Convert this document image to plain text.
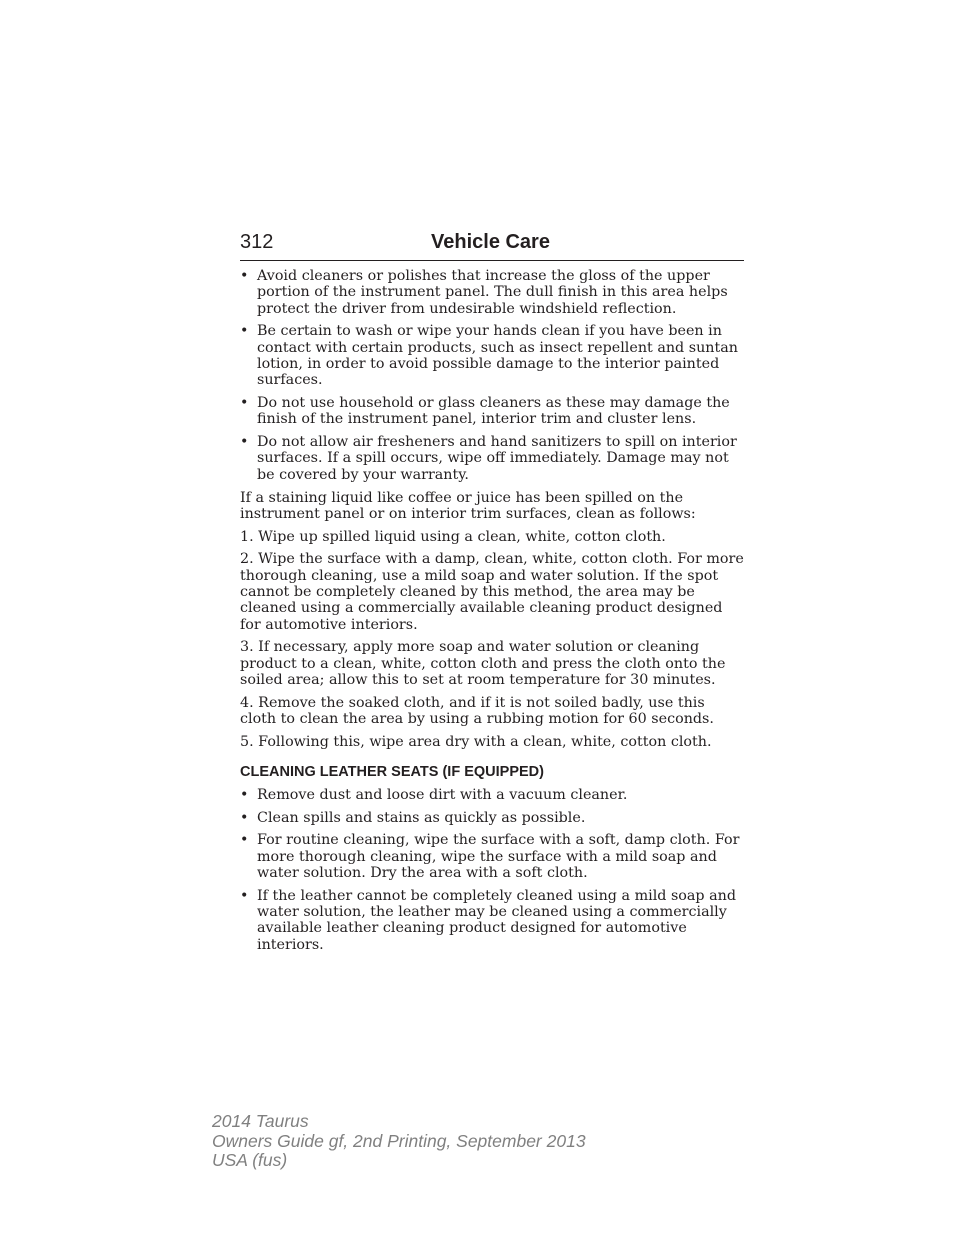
312	Vehicle Care
• Avoid cleaners or polishes that increase the gloss of the upper portion of the instrument panel. The dull finish in this area helps protect the driver from undesirable windshield reflection.
• Be certain to wash or wipe your hands clean if you have been in contact with certain products, such as insect repellent and suntan lotion, in order to avoid possible damage to the interior painted surfaces.
• Do not use household or glass cleaners as these may damage the finish of the instrument panel, interior trim and cluster lens.
• Do not allow air fresheners and hand sanitizers to spill on interior surfaces. If a spill occurs, wipe off immediately. Damage may not be covered by your warranty.

If a staining liquid like coffee or juice has been spilled on the instrument panel or on interior trim surfaces, clean as follows:

1. Wipe up spilled liquid using a clean, white, cotton cloth.

2. Wipe the surface with a damp, clean, white, cotton cloth. For more thorough cleaning, use a mild soap and water solution. If the spot cannot be completely cleaned by this method, the area may be cleaned using a commercially available cleaning product designed for automotive interiors.

3. If necessary, apply more soap and water solution or cleaning product to a clean, white, cotton cloth and press the cloth onto the soiled area; allow this to set at room temperature for 30 minutes.

4. Remove the soaked cloth, and if it is not soiled badly, use this cloth to clean the area by using a rubbing motion for 60 seconds.

5. Following this, wipe area dry with a clean, white, cotton cloth.

CLEANING LEATHER SEATS (IF EQUIPPED)
• Remove dust and loose dirt with a vacuum cleaner.
• Clean spills and stains as quickly as possible.
• For routine cleaning, wipe the surface with a soft, damp cloth. For more thorough cleaning, wipe the surface with a mild soap and water solution. Dry the area with a soft cloth.
• If the leather cannot be completely cleaned using a mild soap and water solution, the leather may be cleaned using a commercially available leather cleaning product designed for automotive interiors.
2014 Taurus
Owners Guide gf, 2nd Printing, September 2013
USA (fus)
